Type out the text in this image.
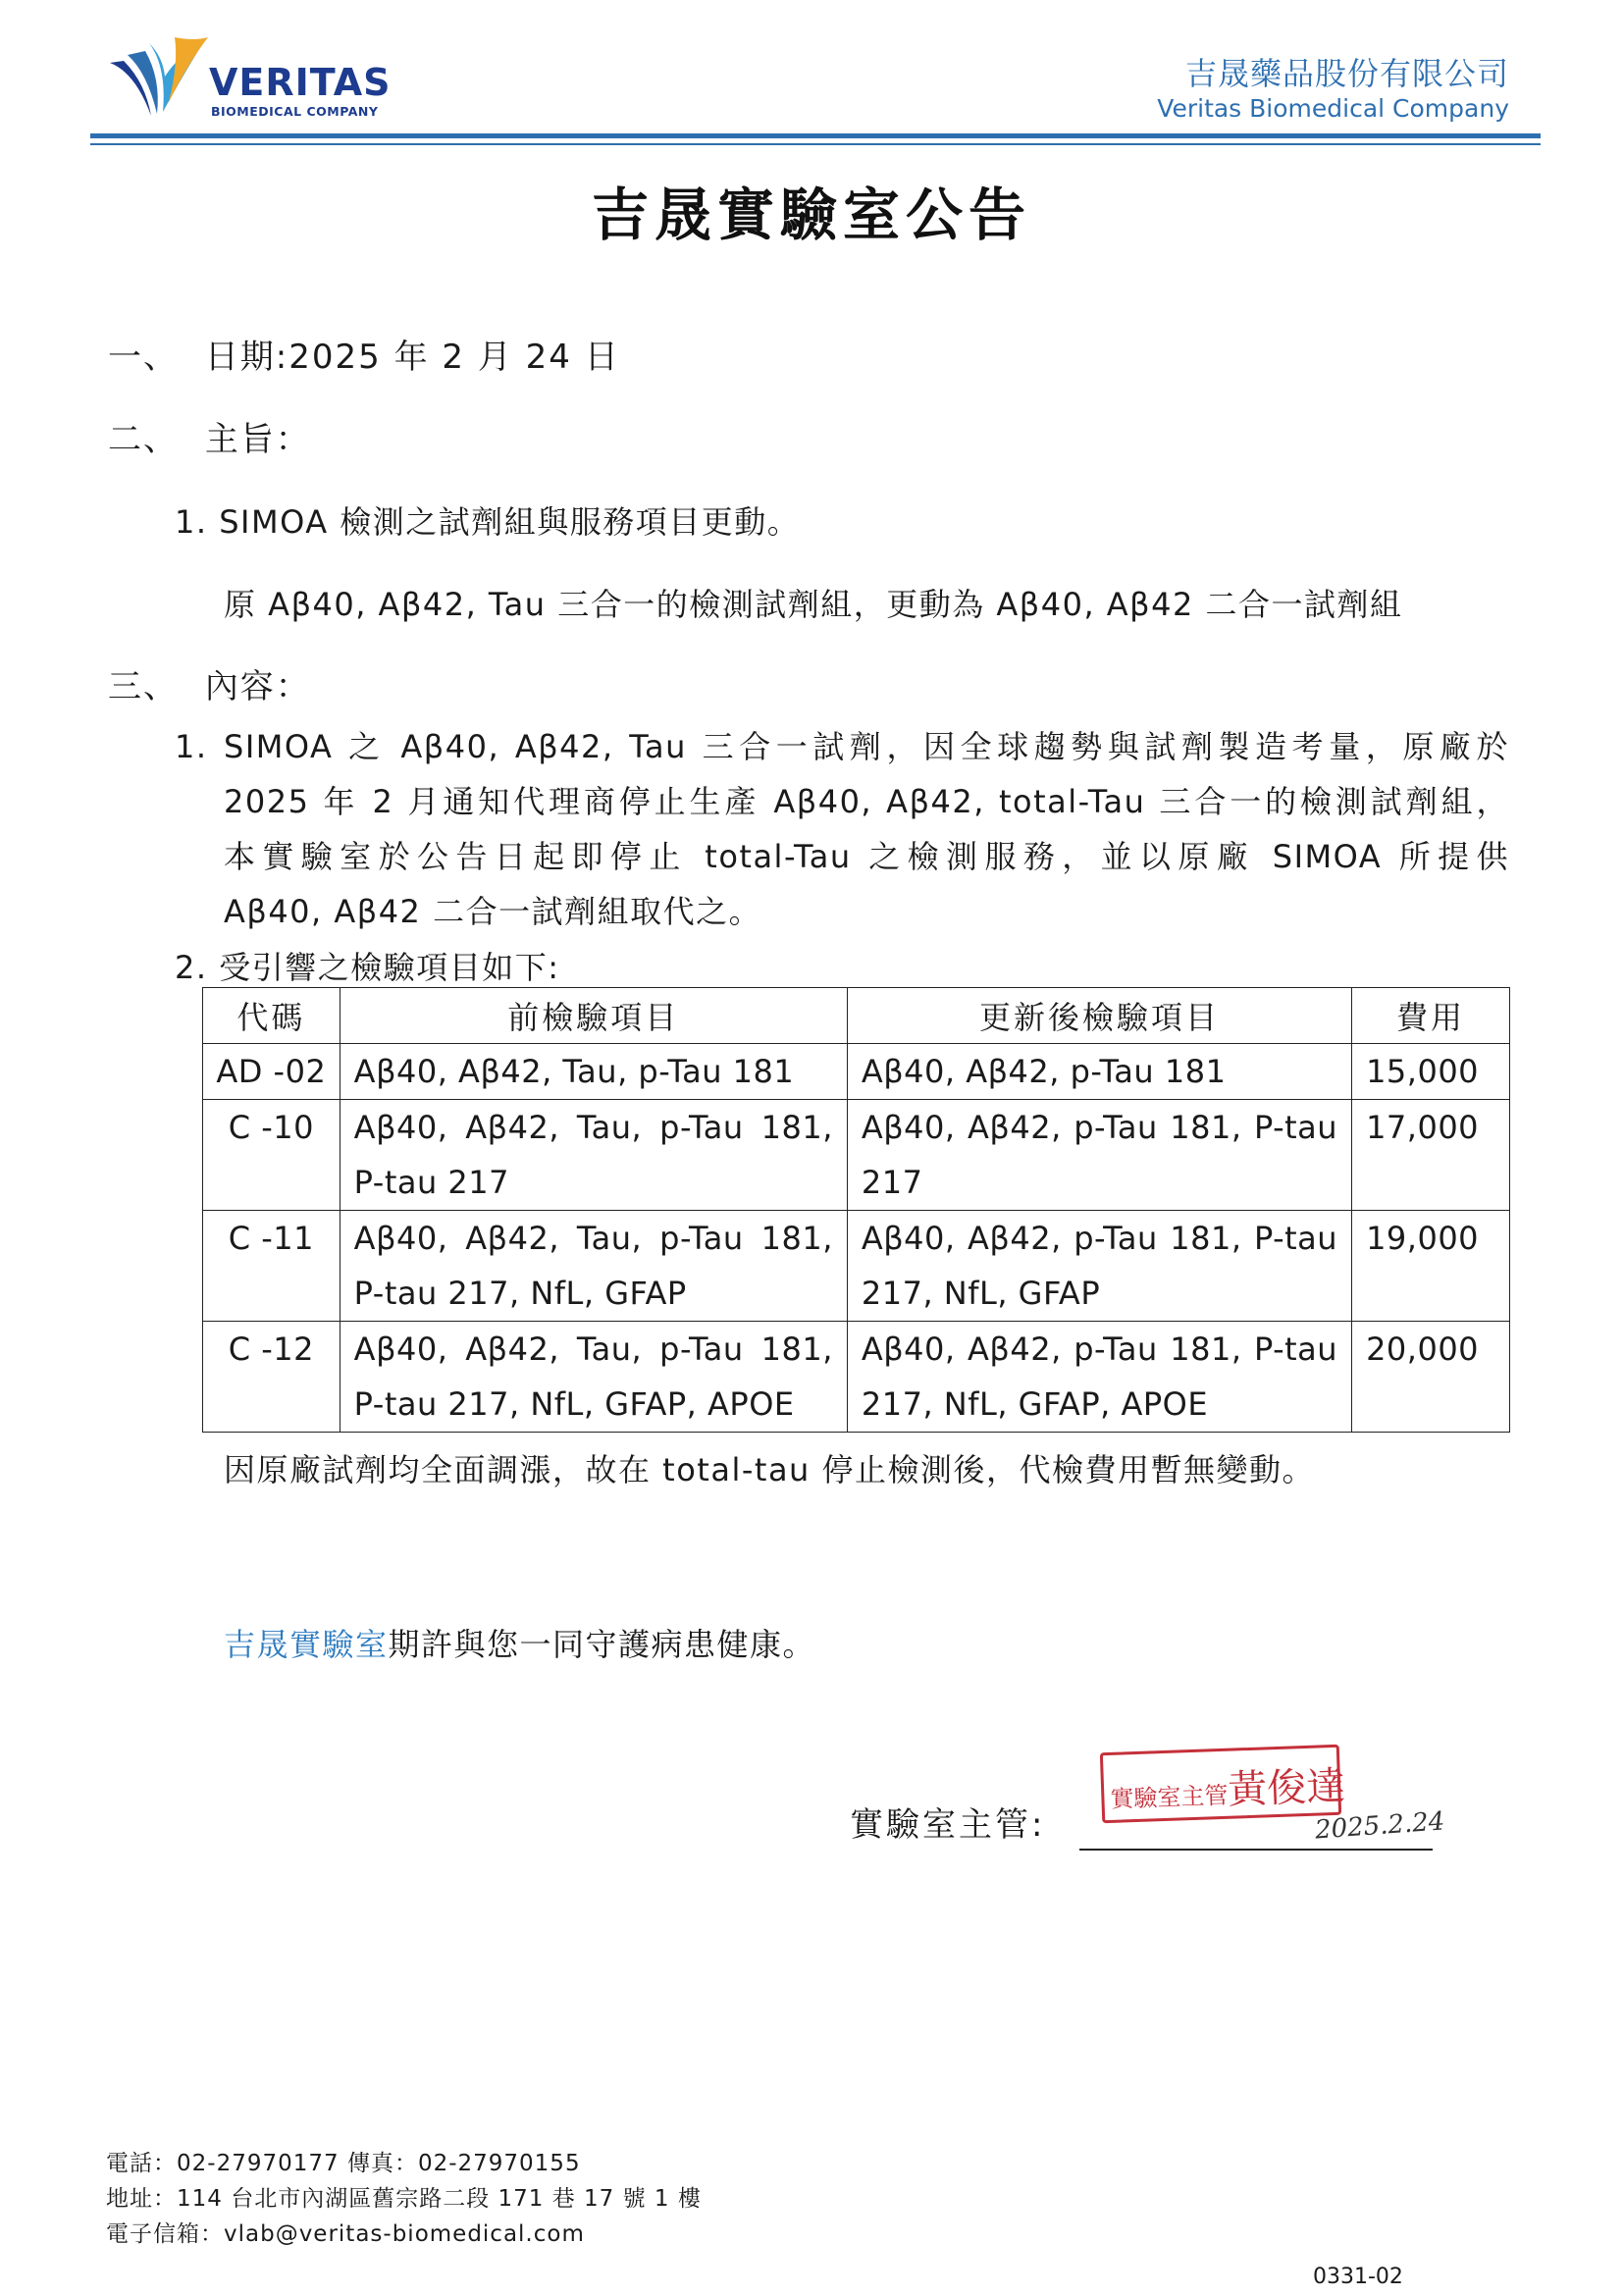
VERITAS
BIOMEDICAL COMPANY
吉晟藥品股份有限公司
Veritas Biomedical Company
吉晟實驗室公告
一、 日期:2025 年 2 月 24 日
二、 主旨：
1. SIMOA 檢測之試劑組與服務項目更動。
原 Aβ40, Aβ42, Tau 三合一的檢測試劑組，更動為 Aβ40, Aβ42 二合一試劑組
三、 內容：
1. SIMOA 之 Aβ40, Aβ42, Tau 三合一試劑，因全球趨勢與試劑製造考量，原廠於
2025 年 2 月通知代理商停止生產 Aβ40, Aβ42, total-Tau 三合一的檢測試劑組，
本實驗室於公告日起即停止 total-Tau 之檢測服務，並以原廠 SIMOA 所提供
Aβ40, Aβ42 二合一試劑組取代之。
2. 受引響之檢驗項目如下:
代碼	前檢驗項目	更新後檢驗項目	費用
AD -02	Aβ40, Aβ42, Tau, p-Tau 181	Aβ40, Aβ42, p-Tau 181	15,000
C -10	Aβ40, Aβ42, Tau, p-Tau 181, P-tau 217	Aβ40, Aβ42, p-Tau 181, P-tau 217	17,000
C -11	Aβ40, Aβ42, Tau, p-Tau 181, P-tau 217, NfL, GFAP	Aβ40, Aβ42, p-Tau 181, P-tau 217, NfL, GFAP	19,000
C -12	Aβ40, Aβ42, Tau, p-Tau 181, P-tau 217, NfL, GFAP, APOE	Aβ40, Aβ42, p-Tau 181, P-tau 217, NfL, GFAP, APOE	20,000
因原廠試劑均全面調漲，故在 total-tau 停止檢測後，代檢費用暫無變動。
吉晟實驗室期許與您一同守護病患健康。
實驗室主管:
實驗室主管黃俊達
2025.2.24
電話：02-27970177 傳真：02-27970155
地址：114 台北市內湖區舊宗路二段 171 巷 17 號 1 樓
電子信箱：vlab@veritas-biomedical.com
0331-02
